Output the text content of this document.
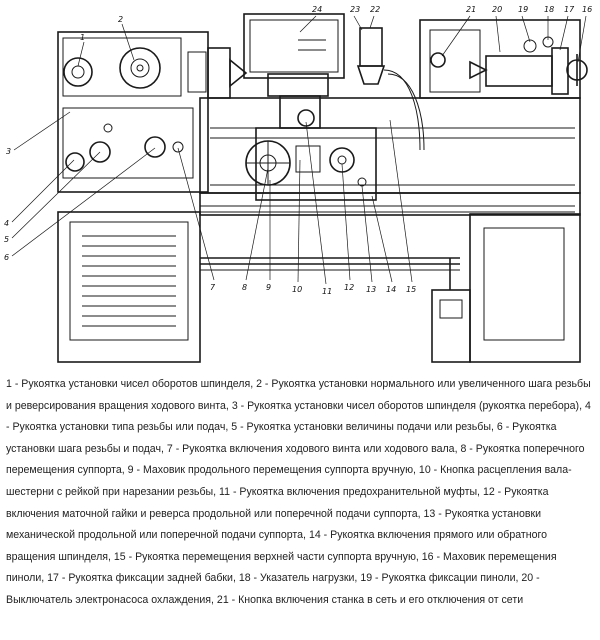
1
2
3
4
5
6
7	8 9	10 11 12 13 14 15
16
17
18
19
20
21
22
23
24

1 - Рукоятка установки чисел оборотов шпинделя, 2 - Рукоятка установки нормального или увеличенного шага резьбы и реверсирования вращения ходового винта, 3 - Рукоятка установки чисел оборотов шпинделя (рукоятка перебора), 4 - Рукоятка установки типа резьбы или подач, 5 - Рукоятка установки величины подачи или резьбы, 6 - Рукоятка установки шага резьбы и подач, 7 - Рукоятка включения ходового винта или ходового вала, 8 - Рукоятка поперечного перемещения суппорта, 9 - Маховик продольного перемещения суппорта вручную, 10 - Кнопка расцепления вала-шестерни с рейкой при нарезании резьбы, 11 - Рукоятка включения предохранительной муфты, 12 - Рукоятка включения маточной гайки и реверса продольной или поперечной подачи суппорта, 13 - Рукоятка установки механической продольной или поперечной подачи суппорта, 14 - Рукоятка включения прямого или обратного вращения шпинделя, 15 - Рукоятка перемещения верхней части суппорта вручную, 16 - Маховик перемещения пиноли, 17 - Рукоятка фиксации задней бабки, 18 - Указатель нагрузки, 19 - Рукоятка фиксации пиноли, 20 - Выключатель электронасоса охлаждения, 21 - Кнопка включения станка в сеть и его отключения от сети
